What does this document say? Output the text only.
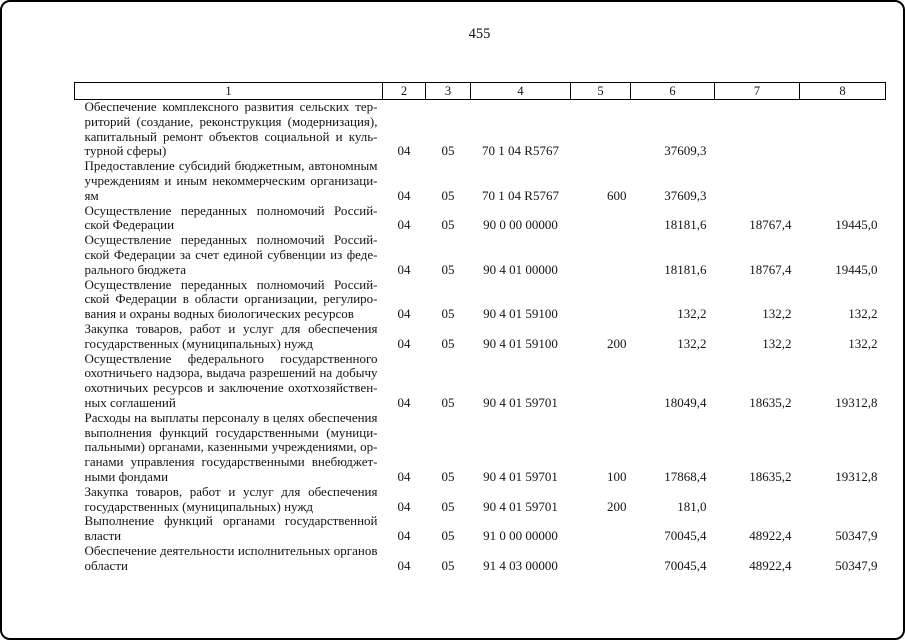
455
1	2	3	4	5	6	7	8

Обеспечение комплексного развития сельских тер-
риторий (создание, реконструкция (модернизация),
капитальный ремонт объектов социальной и куль-
турной сферы)	04	05	70 1 04 R5767		37609,3		

Предоставление субсидий бюджетным, автономным
учреждениям и иным некоммерческим организаци-
ям	04	05	70 1 04 R5767	600	37609,3		

Осуществление переданных полномочий Россий-
ской Федерации	04	05	90 0 00 00000		18181,6	18767,4	19445,0

Осуществление переданных полномочий Россий-
ской Федерации за счет единой субвенции из феде-
рального бюджета	04	05	90 4 01 00000		18181,6	18767,4	19445,0

Осуществление переданных полномочий Россий-
ской Федерации в области организации, регулиро-
вания и охраны водных биологических ресурсов	04	05	90 4 01 59100		132,2	132,2	132,2

Закупка товаров, работ и услуг для обеспечения
государственных (муниципальных) нужд	04	05	90 4 01 59100	200	132,2	132,2	132,2

Осуществление федерального государственного
охотничьего надзора, выдача разрешений на добычу
охотничьих ресурсов и заключение охотхозяйствен-
ных соглашений	04	05	90 4 01 59701		18049,4	18635,2	19312,8

Расходы на выплаты персоналу в целях обеспечения
выполнения функций государственными (муници-
пальными) органами, казенными учреждениями, ор-
ганами управления государственными внебюджет-
ными фондами	04	05	90 4 01 59701	100	17868,4	18635,2	19312,8

Закупка товаров, работ и услуг для обеспечения
государственных (муниципальных) нужд	04	05	90 4 01 59701	200	181,0		

Выполнение функций органами государственной
власти	04	05	91 0 00 00000		70045,4	48922,4	50347,9

Обеспечение деятельности исполнительных органов
области	04	05	91 4 03 00000		70045,4	48922,4	50347,9
